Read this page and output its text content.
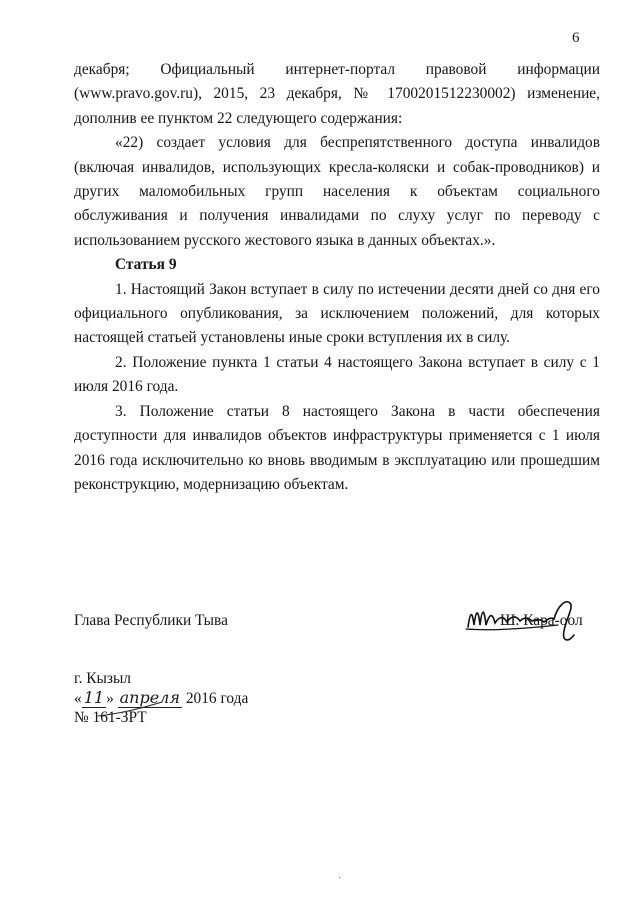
6

декабря; Официальный интернет-портал правовой информации (www.pravo.gov.ru), 2015, 23 декабря, № 1700201512230002) изменение, дополнив ее пунктом 22 следующего содержания:

«22) создает условия для беспрепятственного доступа инвалидов (включая инвалидов, использующих кресла-коляски и собак-проводников) и других маломобильных групп населения к объектам социального обслуживания и получения инвалидами по слуху услуг по переводу с использованием русского жестового языка в данных объектах.».

Статья 9

1. Настоящий Закон вступает в силу по истечении десяти дней со дня его официального опубликования, за исключением положений, для которых настоящей статьей установлены иные сроки вступления их в силу.

2. Положение пункта 1 статьи 4 настоящего Закона вступает в силу с 1 июля 2016 года.

3. Положение статьи 8 настоящего Закона в части обеспечения доступности для инвалидов объектов инфраструктуры применяется с 1 июля 2016 года исключительно ко вновь вводимым в эксплуатацию или прошедшим реконструкцию, модернизацию объектам.

Глава Республики Тыва	Ш. Кара-оол
г. Кызыл
« 11 » апреля 2016 года
№ 161-ЗРТ
·
